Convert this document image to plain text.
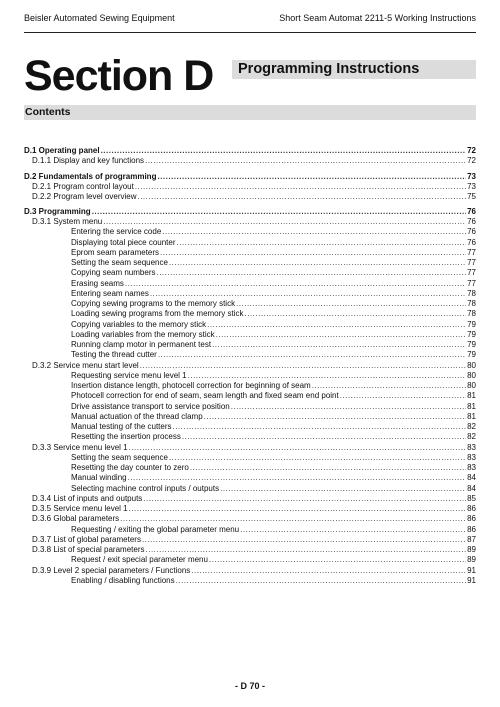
Beisler Automated Sewing Equipment	Short Seam Automat 2211-5 Working Instructions
Section D Programming Instructions
Contents
D.1 Operating panel .....	72
D.1.1 Display and key functions .....	72
D.2 Fundamentals of programming .....	73
D.2.1 Program control layout .....	73
D.2.2 Program level overview .....	75
D.3 Programming .....	76
D.3.1 System menu .....	76
Entering the service code .....	76
Displaying total piece counter .....	76
Eprom seam parameters .....	77
Setting the seam sequence .....	77
Copying seam numbers .....	77
Erasing seams .....	77
Entering seam names .....	78
Copying sewing programs to the memory stick .....	78
Loading sewing programs from the memory stick .....	78
Copying variables to the memory stick .....	79
Loading variables from the memory stick .....	79
Running clamp motor in permanent test .....	79
Testing the thread cutter .....	79
D.3.2 Service menu start level .....	80
Requesting service menu level 1 .....	80
Insertion distance length, photocell correction for beginning of seam .....	80
Photocell correction for end of seam, seam length and fixed seam end point .....	81
Drive assistance transport to service position .....	81
Manual actuation of the thread clamp .....	81
Manual testing of the cutters .....	82
Resetting the insertion process .....	82
D.3.3 Service menu level 1 .....	83
Setting the seam sequence .....	83
Resetting the day counter to zero .....	83
Manual winding .....	84
Selecting machine control inputs / outputs .....	84
D.3.4 List of inputs and outputs .....	85
D.3.5 Service menu level 1 .....	86
D.3.6 Global parameters .....	86
Requesting / exiting the global parameter menu .....	86
D.3.7 List of global parameters .....	87
D.3.8 List of special parameters .....	89
Request / exit special parameter menu .....	89
D.3.9 Level 2 special parameters / Functions .....	91
Enabling / disabling functions .....	91
- D 70 -
